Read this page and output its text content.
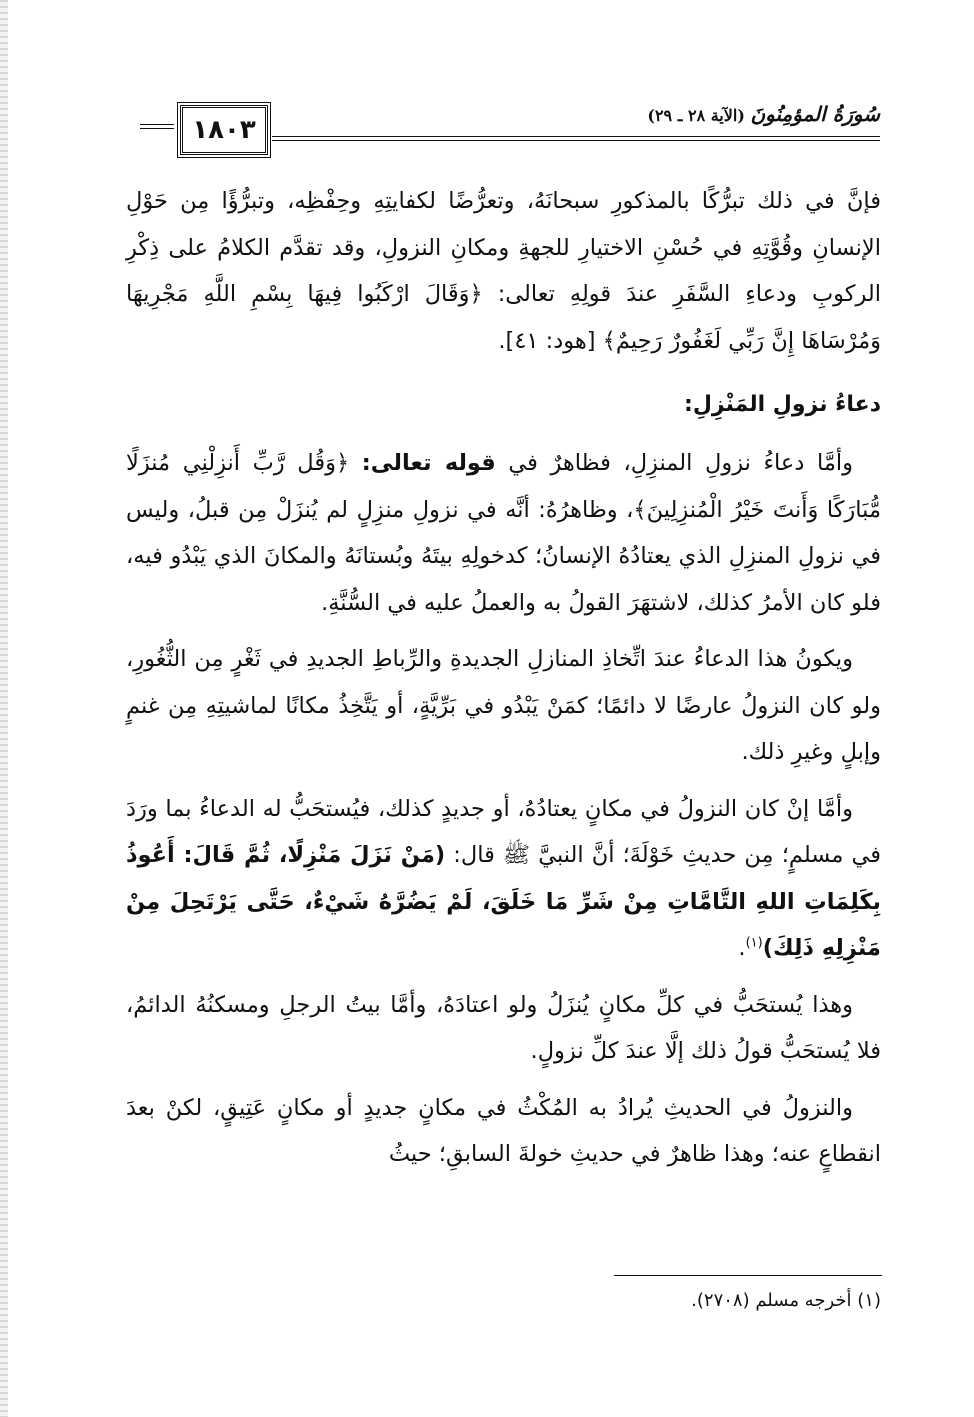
١٨٠٣
سُورَةُ المؤمِنُونَ (الآية ٢٨ ـ ٢٩)

فإنَّ في ذلك تبرُّكًا بالمذكورِ سبحانَهُ، وتعرُّضًا لكفايتِهِ وحِفْظِه، وتبرُّؤًا مِن حَوْلِ الإنسانِ وقُوَّتِهِ في حُسْنِ الاختيارِ للجهةِ ومكانِ النزولِ، وقد تقدَّم الكلامُ على ذِكْرِ الركوبِ ودعاءِ السَّفَرِ عندَ قولِهِ تعالى: ﴿وَقَالَ ارْكَبُوا فِيهَا بِسْمِ اللَّهِ مَجْرِيهَا وَمُرْسَاهَا إِنَّ رَبِّي لَغَفُورٌ رَحِيمٌ﴾ [هود: ٤١].

دعاءُ نزولِ المَنْزِلِ:

وأمَّا دعاءُ نزولِ المنزِلِ، فظاهرٌ في قوله تعالى: ﴿وَقُل رَّبِّ أَنزِلْنِي مُنزَلًا مُّبَارَكًا وَأَنتَ خَيْرُ الْمُنزِلِينَ﴾، وظاهرُهُ: أنَّه في نزولِ منزِلٍ لم يُنزَلْ مِن قبلُ، وليس في نزولِ المنزِلِ الذي يعتادُهُ الإنسانُ؛ كدخولِهِ بيتَهُ وبُستانَهُ والمكانَ الذي يَبْدُو فيه، فلو كان الأمرُ كذلك، لاشتهَرَ القولُ به والعملُ عليه في السُّنَّةِ.

ويكونُ هذا الدعاءُ عندَ اتِّخاذِ المنازلِ الجديدةِ والرِّباطِ الجديدِ في ثَغْرٍ مِن الثُّغُورِ، ولو كان النزولُ عارضًا لا دائمًا؛ كمَنْ يَبْدُو في بَرِّيَّةٍ، أو يَتَّخِذُ مكانًا لماشيتِهِ مِن غنمٍ وإبلٍ وغيرِ ذلك.

وأمَّا إنْ كان النزولُ في مكانٍ يعتادُهُ، أو جديدٍ كذلك، فيُستحَبُّ له الدعاءُ بما ورَدَ في مسلمٍ؛ مِن حديثِ خَوْلَةَ؛ أنَّ النبيَّ ﷺ قال: (مَنْ نَزَلَ مَنْزِلًا، ثُمَّ قَالَ: أَعُوذُ بِكَلِمَاتِ اللهِ التَّامَّاتِ مِنْ شَرِّ مَا خَلَقَ، لَمْ يَضُرَّهُ شَيْءٌ، حَتَّى يَرْتَحِلَ مِنْ مَنْزِلِهِ ذَلِكَ)$^{(١)}$.

وهذا يُستحَبُّ في كلِّ مكانٍ يُنزَلُ ولو اعتادَهُ، وأمَّا بيتُ الرجلِ ومسكنُهُ الدائمُ، فلا يُستحَبُّ قولُ ذلك إلَّا عندَ كلِّ نزولٍ.

والنزولُ في الحديثِ يُرادُ به المُكْثُ في مكانٍ جديدٍ أو مكانٍ عَتِيقٍ، لكنْ بعدَ انقطاعٍ عنه؛ وهذا ظاهرٌ في حديثِ خولةَ السابقِ؛ حيثُ

(١) أخرجه مسلم (٢٧٠٨).
